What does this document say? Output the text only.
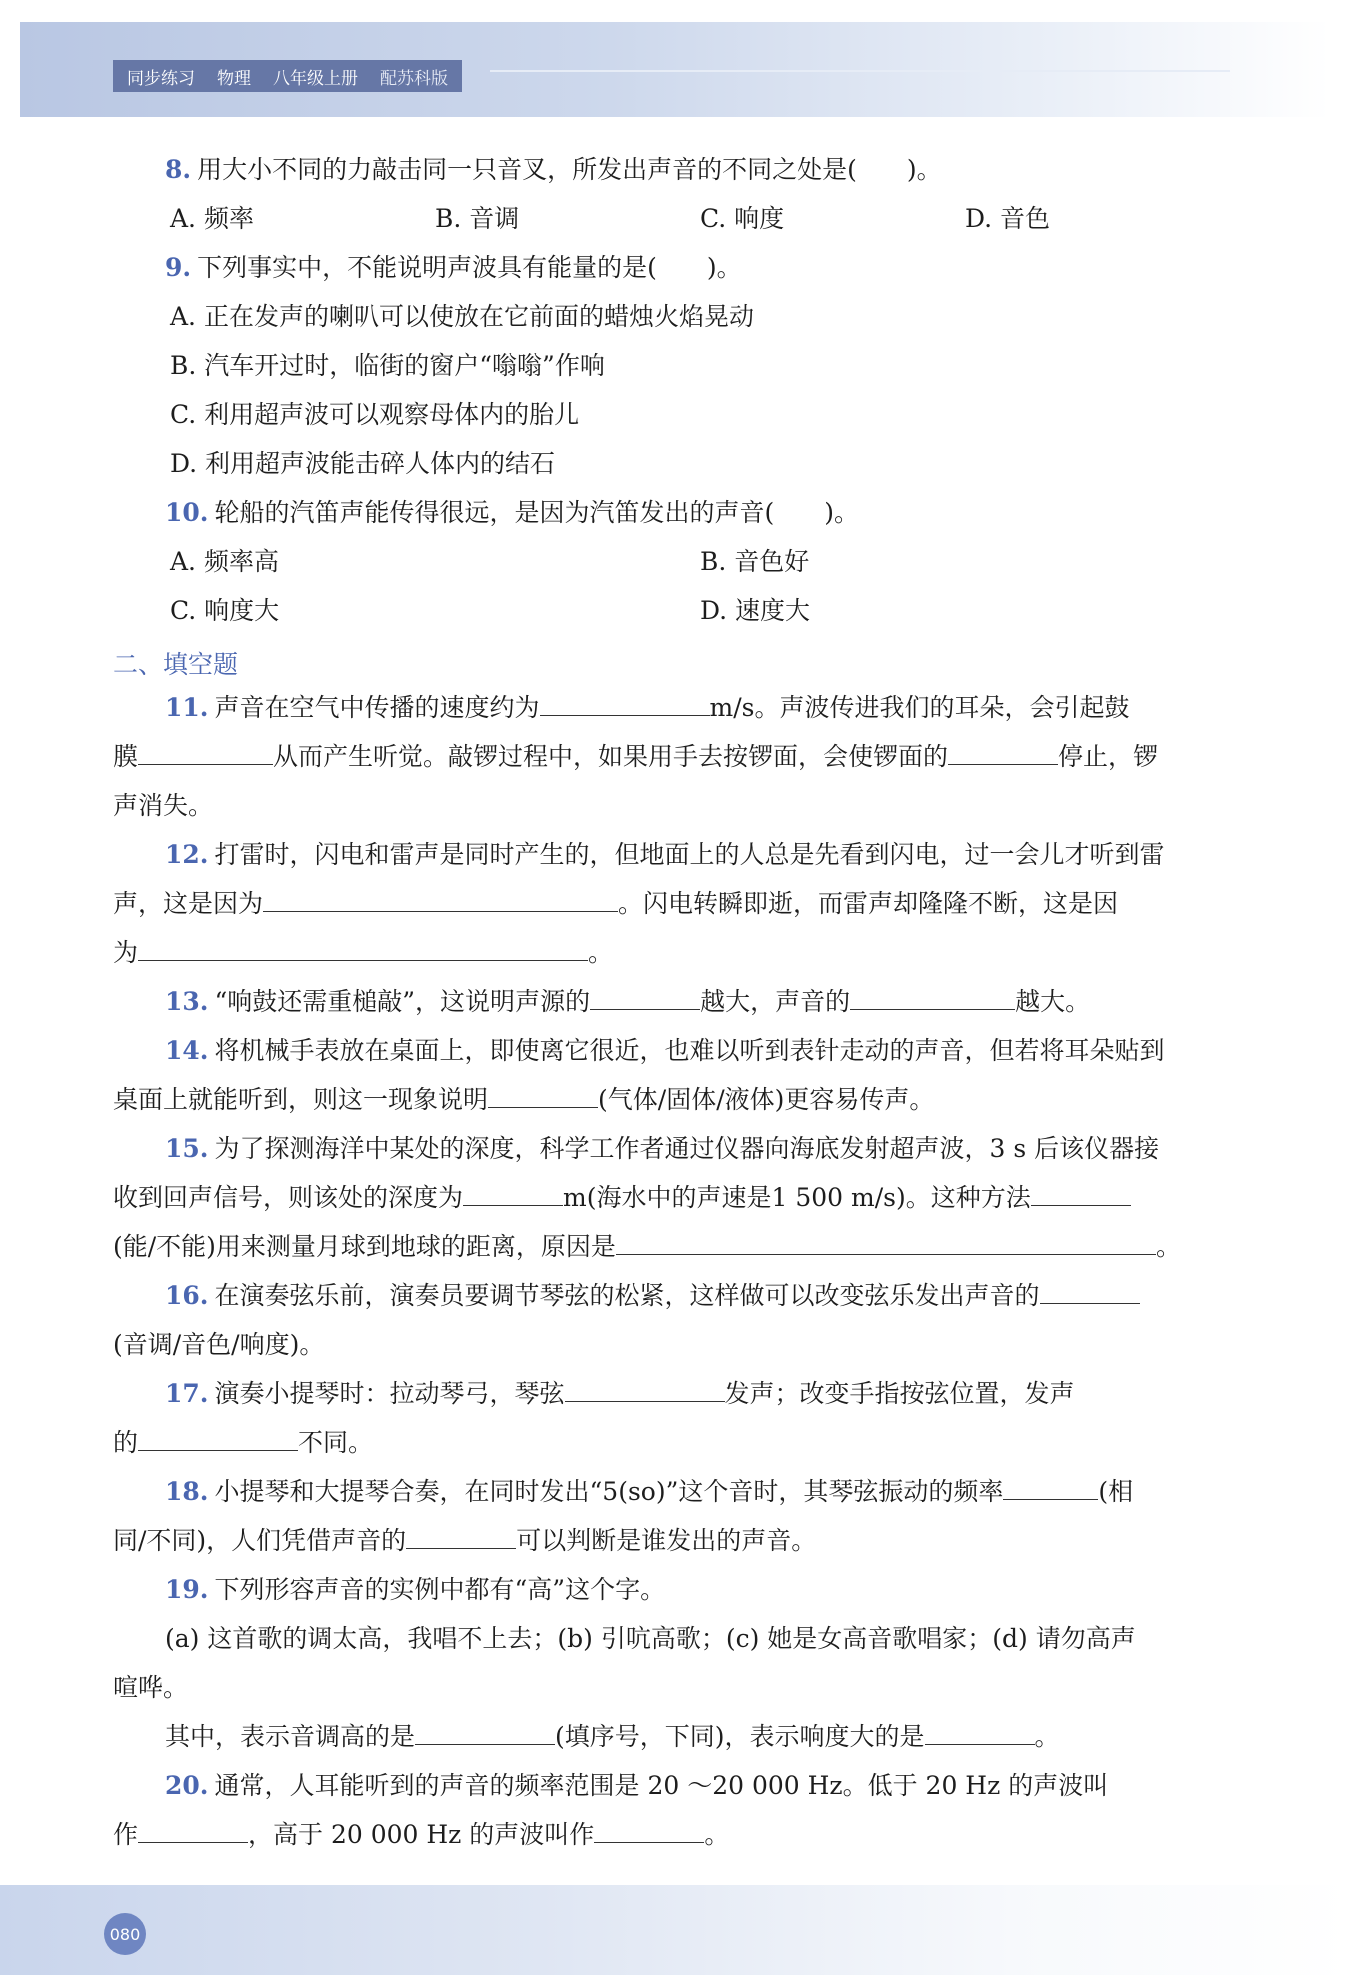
同步练习 物理 八年级上册 配苏科版
8. 用大小不同的力敲击同一只音叉，所发出声音的不同之处是(　　)。
A. 频率	B. 音调	C. 响度	D. 音色
9. 下列事实中，不能说明声波具有能量的是(　　)。
A. 正在发声的喇叭可以使放在它前面的蜡烛火焰晃动
B. 汽车开过时，临街的窗户“嗡嗡”作响
C. 利用超声波可以观察母体内的胎儿
D. 利用超声波能击碎人体内的结石
10. 轮船的汽笛声能传得很远，是因为汽笛发出的声音(　　)。
A. 频率高	B. 音色好
C. 响度大	D. 速度大
二、填空题
11. 声音在空气中传播的速度约为	m/s。声波传进我们的耳朵，会引起鼓
膜	从而产生听觉。敲锣过程中，如果用手去按锣面，会使锣面的	停止，锣
声消失。
12. 打雷时，闪电和雷声是同时产生的，但地面上的人总是先看到闪电，过一会儿才听到雷
声，这是因为	。闪电转瞬即逝，而雷声却隆隆不断，这是因
为	。
13. “响鼓还需重槌敲”，这说明声源的	越大，声音的	越大。
14. 将机械手表放在桌面上，即使离它很近，也难以听到表针走动的声音，但若将耳朵贴到
桌面上就能听到，则这一现象说明	(气体/固体/液体)更容易传声。
15. 为了探测海洋中某处的深度，科学工作者通过仪器向海底发射超声波，3 s 后该仪器接
收到回声信号，则该处的深度为	m(海水中的声速是1 500 m/s)。这种方法
(能/不能)用来测量月球到地球的距离，原因是	。
16. 在演奏弦乐前，演奏员要调节琴弦的松紧，这样做可以改变弦乐发出声音的
(音调/音色/响度)。
17. 演奏小提琴时：拉动琴弓，琴弦	发声；改变手指按弦位置，发声
的	不同。
18. 小提琴和大提琴合奏，在同时发出“5(so)”这个音时，其琴弦振动的频率	(相
同/不同)，人们凭借声音的	可以判断是谁发出的声音。
19. 下列形容声音的实例中都有“高”这个字。
(a) 这首歌的调太高，我唱不上去；(b) 引吭高歌；(c) 她是女高音歌唱家；(d) 请勿高声
喧哗。
其中，表示音调高的是	(填序号，下同)，表示响度大的是	。
20. 通常，人耳能听到的声音的频率范围是 20 ～20 000 Hz。低于 20 Hz 的声波叫
作	，高于 20 000 Hz 的声波叫作	。
080
